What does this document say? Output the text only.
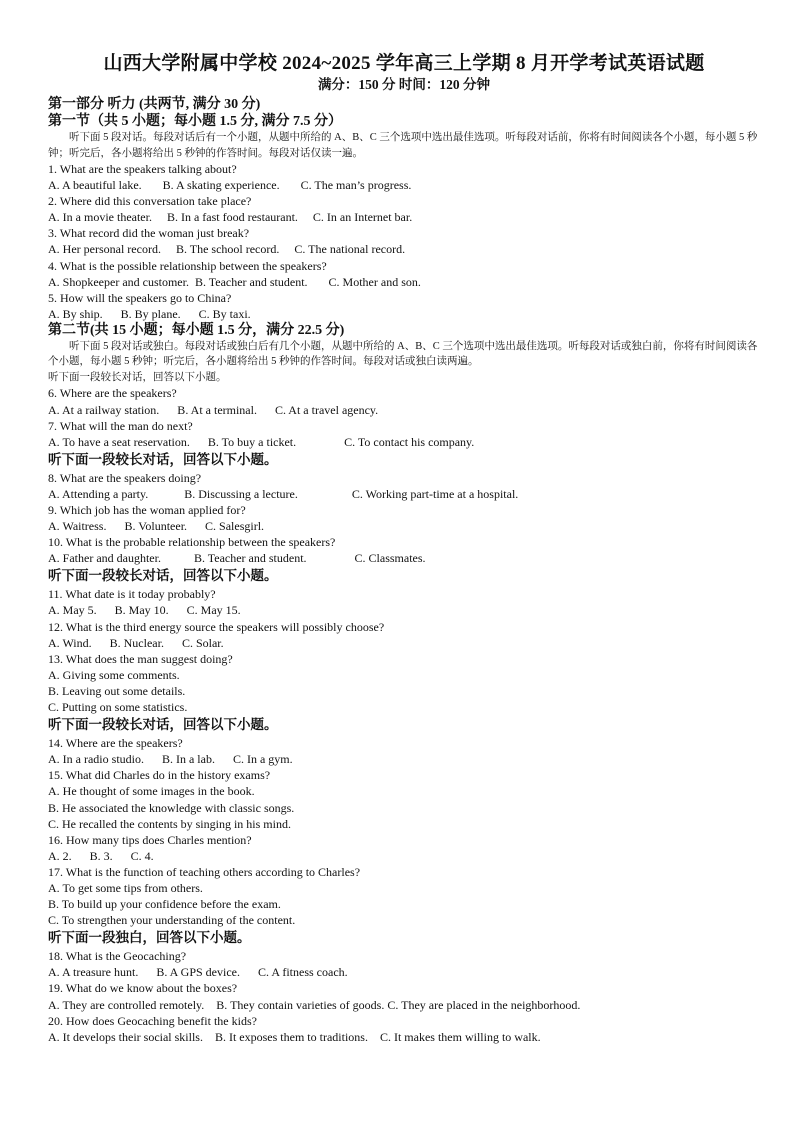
山西大学附属中学校 2024~2025 学年高三上学期 8 月开学考试英语试题
满分：150 分 时间：120 分钟
第一部分 听力 (共两节, 满分 30 分)
第一节（共 5 小题；每小题 1.5 分, 满分 7.5 分）
听下面 5 段对话。每段对话后有一个小题，从题中所给的 A、B、C 三个选项中选出最佳选项。听每段对话前，你将有时间阅读各个小题，每小题 5 秒钟；听完后，各小题将给出 5 秒钟的作答时间。每段对话仅读一遍。
1. What are the speakers talking about?
A. A beautiful lake.       B. A skating experience.       C. The man’s progress.
2. Where did this conversation take place?
A. In a movie theater.     B. In a fast food restaurant.     C. In an Internet bar.
3. What record did the woman just break?
A. Her personal record.     B. The school record.     C. The national record.
4. What is the possible relationship between the speakers?
A. Shopkeeper and customer.  B. Teacher and student.       C. Mother and son.
5. How will the speakers go to China?
A. By ship.      B. By plane.      C. By taxi.
第二节(共 15 小题；每小题 1.5 分，满分 22.5 分)
听下面 5 段对话或独白。每段对话或独白后有几个小题，从题中所给的 A、B、C 三个选项中选出最佳选项。听每段对话或独白前，你将有时间阅读各个小题，每小题 5 秒钟；听完后，各小题将给出 5 秒钟的作答时间。每段对话或独白读两遍。
听下面一段较长对话，回答以下小题。
6. Where are the speakers?
A. At a railway station.      B. At a terminal.      C. At a travel agency.
7. What will the man do next?
A. To have a seat reservation.      B. To buy a ticket.                C. To contact his company.
听下面一段较长对话，回答以下小题。
8. What are the speakers doing?
A. Attending a party.            B. Discussing a lecture.                  C. Working part-time at a hospital.
9. Which job has the woman applied for?
A. Waitress.      B. Volunteer.      C. Salesgirl.
10. What is the probable relationship between the speakers?
A. Father and daughter.           B. Teacher and student.                C. Classmates.
听下面一段较长对话，回答以下小题。
11. What date is it today probably?
A. May 5.      B. May 10.      C. May 15.
12. What is the third energy source the speakers will possibly choose?
A. Wind.      B. Nuclear.      C. Solar.
13. What does the man suggest doing?
A. Giving some comments.
B. Leaving out some details.
C. Putting on some statistics.
听下面一段较长对话，回答以下小题。
14. Where are the speakers?
A. In a radio studio.      B. In a lab.      C. In a gym.
15. What did Charles do in the history exams?
A. He thought of some images in the book.
B. He associated the knowledge with classic songs.
C. He recalled the contents by singing in his mind.
16. How many tips does Charles mention?
A. 2.      B. 3.      C. 4.
17. What is the function of teaching others according to Charles?
A. To get some tips from others.
B. To build up your confidence before the exam.
C. To strengthen your understanding of the content.
听下面一段独白，回答以下小题。
18. What is the Geocaching?
A. A treasure hunt.      B. A GPS device.      C. A fitness coach.
19. What do we know about the boxes?
A. They are controlled remotely.    B. They contain varieties of goods. C. They are placed in the neighborhood.
20. How does Geocaching benefit the kids?
A. It develops their social skills.    B. It exposes them to traditions.    C. It makes them willing to walk.
